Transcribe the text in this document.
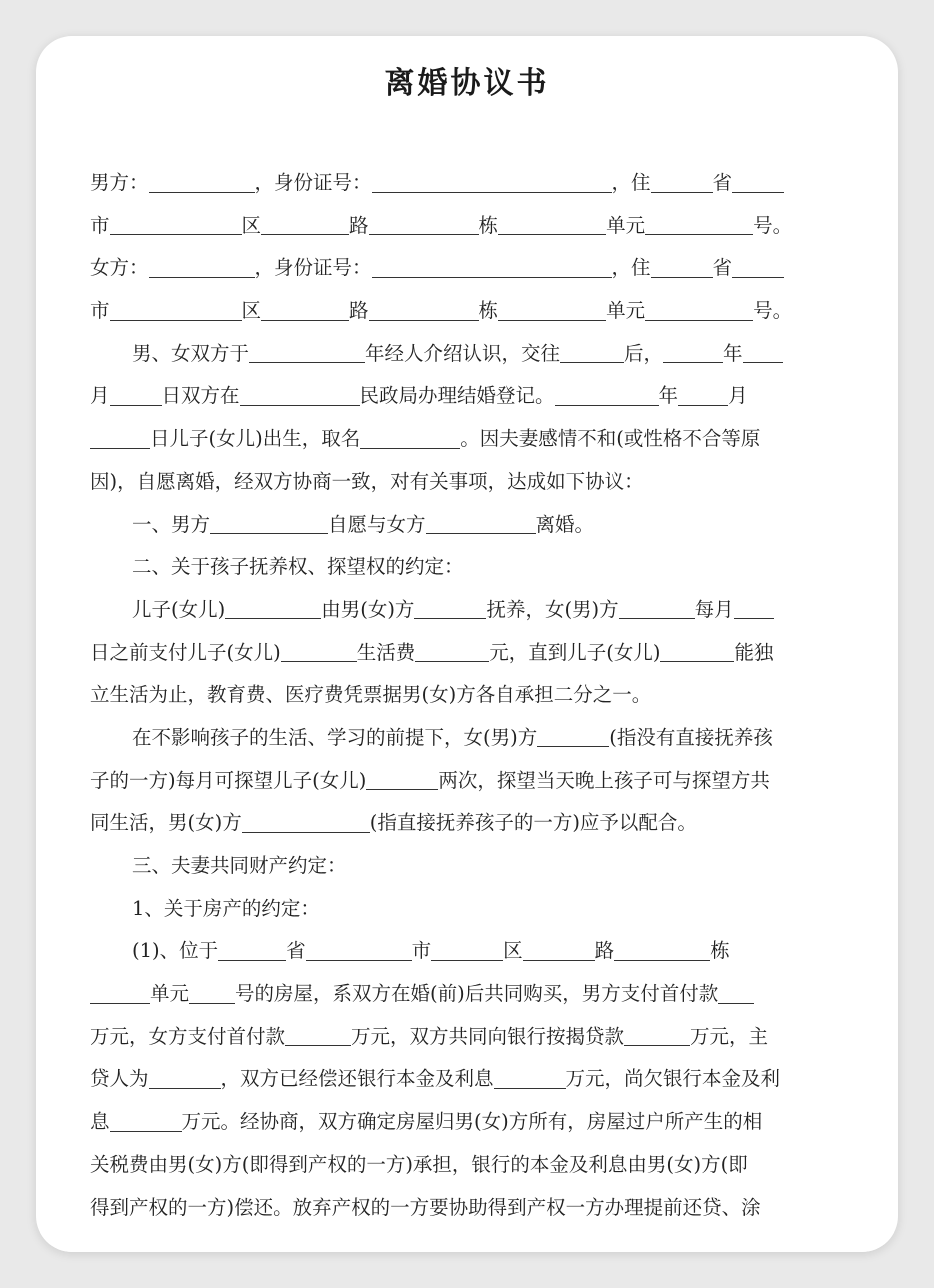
离婚协议书
男方：	，身份证号：	，住	省
市	区	路	栋	单元	号。
女方：	，身份证号：	，住	省
市	区	路	栋	单元	号。
男、女双方于	年经人介绍认识，交往	后，	年
月	日双方在	民政局办理结婚登记。	年	月
日儿子(女儿)出生，取名	。因夫妻感情不和(或性格不合等原
因)，自愿离婚，经双方协商一致，对有关事项，达成如下协议：
一、男方	自愿与女方	离婚。
二、关于孩子抚养权、探望权的约定：
儿子(女儿)	由男(女)方	抚养，女(男)方	每月
日之前支付儿子(女儿)	生活费	元，直到儿子(女儿)	能独
立生活为止，教育费、医疗费凭票据男(女)方各自承担二分之一。
在不影响孩子的生活、学习的前提下，女(男)方	(指没有直接抚养孩
子的一方)每月可探望儿子(女儿)	两次，探望当天晚上孩子可与探望方共
同生活，男(女)方	(指直接抚养孩子的一方)应予以配合。
三、夫妻共同财产约定：
1、关于房产的约定：
(1)、位于	省	市	区	路	栋
单元 号的房屋，系双方在婚(前)后共同购买，男方支付首付款
万元，女方支付首付款	万元，双方共同向银行按揭贷款	万元，主
贷人为	，双方已经偿还银行本金及利息	万元，尚欠银行本金及利
息	万元。经协商，双方确定房屋归男(女)方所有，房屋过户所产生的相
关税费由男(女)方(即得到产权的一方)承担，银行的本金及利息由男(女)方(即
得到产权的一方)偿还。放弃产权的一方要协助得到产权一方办理提前还贷、涂
